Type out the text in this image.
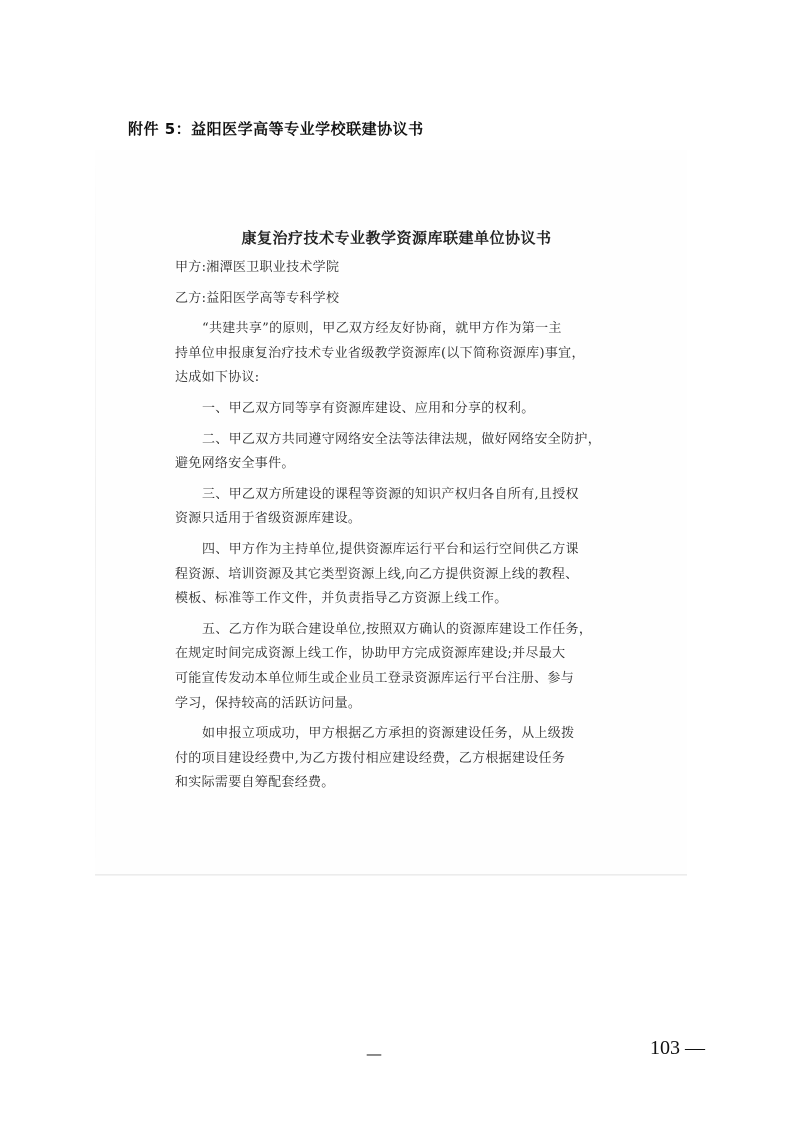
附件 5：益阳医学高等专业学校联建协议书
康复治疗技术专业教学资源库联建单位协议书
甲方:湘潭医卫职业技术学院
乙方:益阳医学高等专科学校
“共建共享”的原则，甲乙双方经友好协商，就甲方作为第一主
持单位申报康复治疗技术专业省级教学资源库(以下简称资源库)事宜，
达成如下协议:
一、甲乙双方同等享有资源库建设、应用和分享的权利。
二、甲乙双方共同遵守网络安全法等法律法规，做好网络安全防护，
避免网络安全事件。
三、甲乙双方所建设的课程等资源的知识产权归各自所有,且授权
资源只适用于省级资源库建设。
四、甲方作为主持单位,提供资源库运行平台和运行空间供乙方课
程资源、培训资源及其它类型资源上线,向乙方提供资源上线的教程、
模板、标准等工作文件，并负责指导乙方资源上线工作。
五、乙方作为联合建设单位,按照双方确认的资源库建设工作任务，
在规定时间完成资源上线工作，协助甲方完成资源库建设;并尽最大
可能宣传发动本单位师生或企业员工登录资源库运行平台注册、参与
学习，保持较高的活跃访问量。
如申报立项成功，甲方根据乙方承担的资源建设任务，从上级拨
付的项目建设经费中,为乙方拨付相应建设经费，乙方根据建设任务
和实际需要自筹配套经费。
—	103 —
